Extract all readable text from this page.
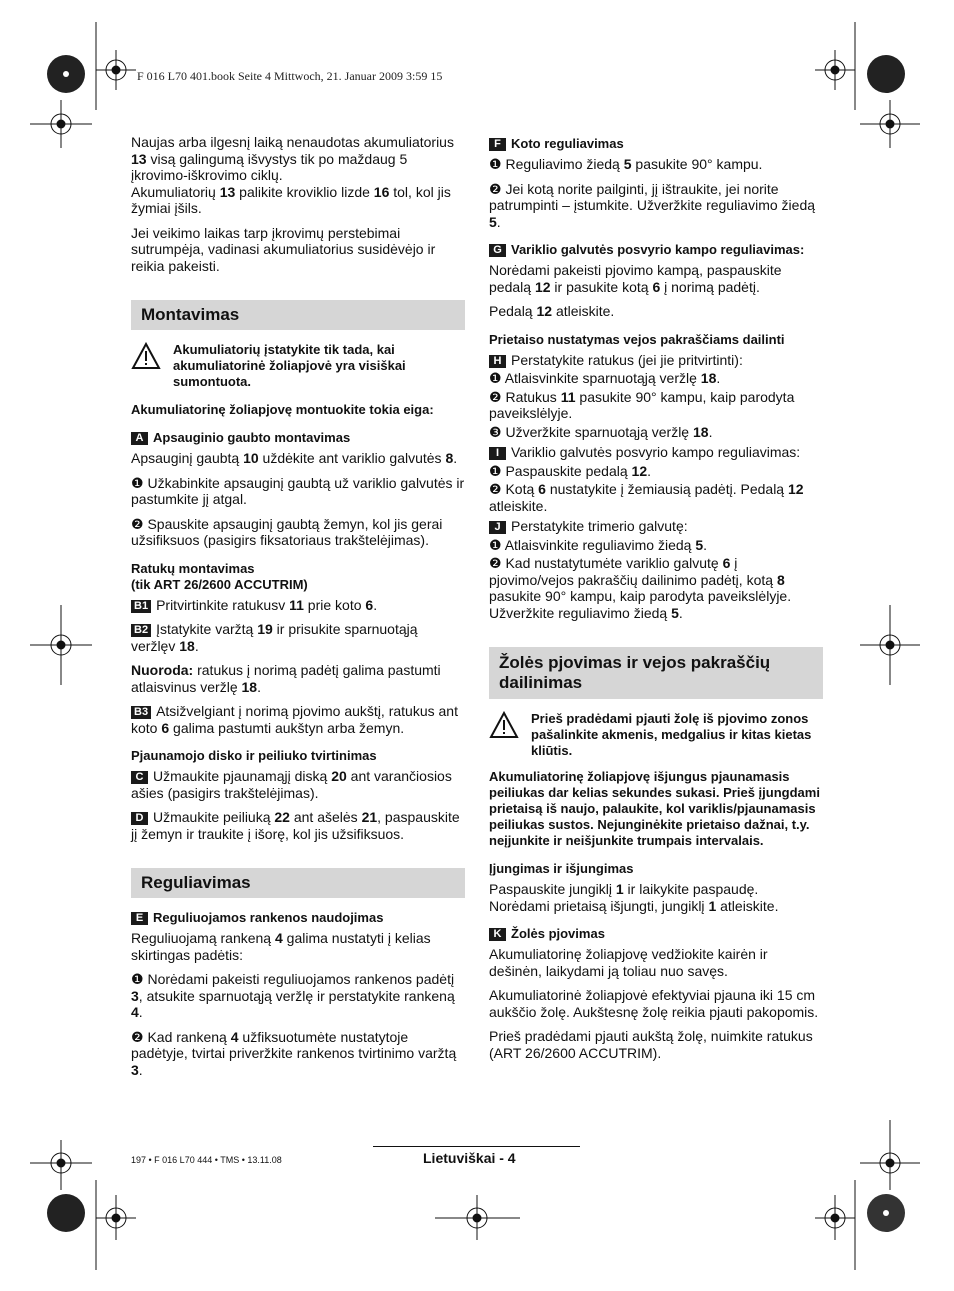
F 016 L70 401.book Seite 4 Mittwoch, 21. Januar 2009 3:59 15

Naujas arba ilgesnį laiką nenaudotas akumuliatorius 13 visą galingumą išvystys tik po maždaug 5 įkrovimo-iškrovimo ciklų.
Akumuliatorių 13 palikite kroviklio lizde 16 tol, kol jis žymiai įšils.

Jei veikimo laikas tarp įkrovimų perstebimai sutrumpėja, vadinasi akumuliatorius susidėvėjo ir reikia pakeisti.

Montavimas
Akumuliatorių įstatykite tik tada, kai akumuliatorinė žoliapjovė yra visiškai sumontuota.
Akumuliatorinę žoliapjovę montuokite tokia eiga:
A Apsauginio gaubto montavimas

Apsauginį gaubtą 10 uždėkite ant variklio galvutės 8.

❶ Užkabinkite apsauginį gaubtą už variklio galvutės ir pastumkite jį atgal.

❷ Spauskite apsauginį gaubtą žemyn, kol jis gerai užsifiksuos (pasigirs fiksatoriaus trakštelėjimas).

Ratukų montavimas
(tik ART 26/2600 ACCUTRIM)

B1 Pritvirtinkite ratukusv 11 prie koto 6.

B2 Įstatykite varžtą 19 ir prisukite sparnuotąją veržlęv 18.

Nuoroda: ratukus į norimą padėtį galima pastumti atlaisvinus veržlę 18.

B3 Atsižvelgiant į norimą pjovimo aukštį, ratukus ant koto 6 galima pastumti aukštyn arba žemyn.

Pjaunamojo disko ir peiliuko tvirtinimas

C Užmaukite pjaunamąjį diską 20 ant varančiosios ašies (pasigirs trakštelėjimas).

D Užmaukite peiliuką 22 ant ašelės 21, paspauskite jį žemyn ir traukite į išorę, kol jis užsifiksuos.

Reguliavimas
E Reguliuojamos rankenos naudojimas

Reguliuojamą rankeną 4 galima nustatyti į kelias skirtingas padėtis:

❶ Norėdami pakeisti reguliuojamos rankenos padėtį 3, atsukite sparnuotąją veržlę ir perstatykite rankeną 4.

❷ Kad rankeną 4 užfiksuotumėte nustatytoje padėtyje, tvirtai priveržkite rankenos tvirtinimo varžtą 3.

F Koto reguliavimas

❶ Reguliavimo žiedą 5 pasukite 90° kampu.

❷ Jei kotą norite pailginti, jį ištraukite, jei norite patrumpinti – įstumkite. Užveržkite reguliavimo žiedą 5.

G Variklio galvutės posvyrio kampo reguliavimas:

Norėdami pakeisti pjovimo kampą, paspauskite pedalą 12 ir pasukite kotą 6 į norimą padėtį.

Pedalą 12 atleiskite.

Prietaiso nustatymas vejos pakraščiams dailinti

H Perstatykite ratukus (jei jie pritvirtinti):

❶ Atlaisvinkite sparnuotąją veržlę 18.

❷ Ratukus 11 pasukite 90° kampu, kaip parodyta paveikslėlyje.

❸ Užveržkite sparnuotąją veržlę 18.

I Variklio galvutės posvyrio kampo reguliavimas:

❶ Paspauskite pedalą 12.

❷ Kotą 6 nustatykite į žemiausią padėtį. Pedalą 12 atleiskite.

J Perstatykite trimerio galvutę:

❶ Atlaisvinkite reguliavimo žiedą 5.

❷ Kad nustatytumėte variklio galvutę 6 į pjovimo/vejos pakraščių dailinimo padėtį, kotą 8 pasukite 90° kampu, kaip parodyta paveikslėlyje. Užveržkite reguliavimo žiedą 5.

Žolės pjovimas ir vejos pakraščių dailinimas
Prieš pradėdami pjauti žolę iš pjovimo zonos pašalinkite akmenis, medgalius ir kitas kietas kliūtis.
Akumuliatorinę žoliapjovę išjungus pjaunamasis peiliukas dar kelias sekundes sukasi. Prieš įjungdami prietaisą iš naujo, palaukite, kol variklis/pjaunamasis peiliukas sustos. Nejunginėkite prietaiso dažnai, t.y. neįjunkite ir neišjunkite trumpais intervalais.
Įjungimas ir išjungimas

Paspauskite jungiklį 1 ir laikykite paspaudę.
Norėdami prietaisą išjungti, jungiklį 1 atleiskite.

K Žolės pjovimas

Akumuliatorinę žoliapjovę vedžiokite kairėn ir dešinėn, laikydami ją toliau nuo savęs.

Akumuliatorinė žoliapjovė efektyviai pjauna iki 15 cm aukščio žolę. Aukštesnę žolę reikia pjauti pakopomis.

Prieš pradėdami pjauti aukštą žolę, nuimkite ratukus (ART 26/2600 ACCUTRIM).

197 • F 016 L70 444 • TMS • 13.11.08	Lietuviškai - 4
